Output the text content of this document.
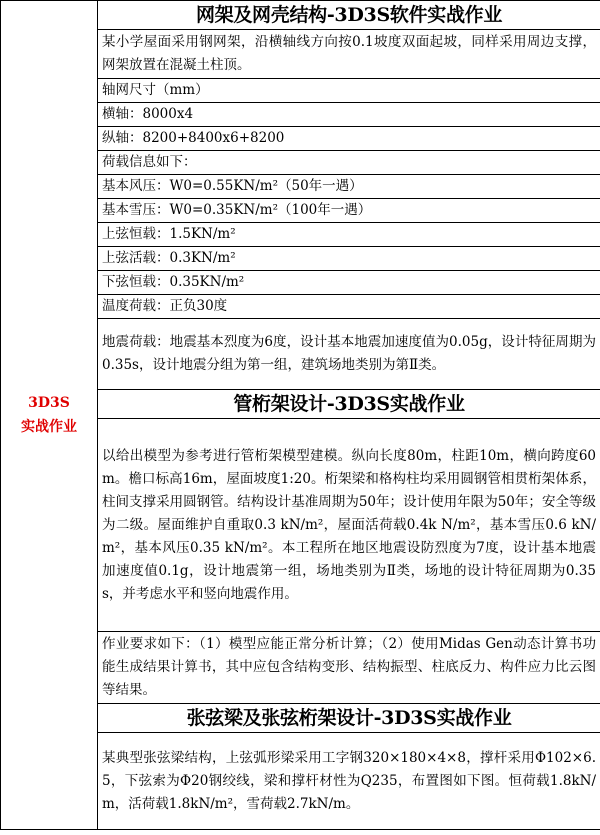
3D3S
实战作业	网架及网壳结构-3D3S软件实战作业
某小学屋面采用钢网架，沿横轴线方向按0.1坡度双面起坡，同样采用周边支撑， 网架放置在混凝土柱顶。
轴网尺寸（mm）
横轴：8000x4
纵轴：8200+8400x6+8200
荷载信息如下：
基本风压：W0=0.55KN/m²（50年一遇）
基本雪压：W0=0.35KN/m²（100年一遇）
上弦恒载：1.5KN/m²
上弦活载：0.3KN/m²
下弦恒载：0.35KN/m²
温度荷载：正负30度
地震荷载：地震基本烈度为6度，设计基本地震加速度值为0.05g，设计特征周期为0.35s，设计地震分组为第一组，建筑场地类别为第Ⅱ类。
管桁架设计-3D3S实战作业
以给出模型为参考进行管桁架模型建模。纵向长度80m，柱距10m，横向跨度60m。檐口标高16m，屋面坡度1:20。桁架梁和格构柱均采用圆钢管相贯桁架体系，柱间支撑采用圆钢管。结构设计基准周期为50年；设计使用年限为50年；安全等级为二级。屋面维护自重取0.3 kN/m²，屋面活荷载0.4k N/m²，基本雪压0.6 kN/m²，基本风压0.35 kN/m²。本工程所在地区地震设防烈度为7度，设计基本地震加速度值0.1g，设计地震第一组，场地类别为Ⅱ类，场地的设计特征周期为0.35s，并考虑水平和竖向地震作用。
作业要求如下：（1）模型应能正常分析计算；（2）使用Midas Gen动态计算书功能生成结果计算书，其中应包含结构变形、结构振型、柱底反力、构件应力比云图等结果。
张弦梁及张弦桁架设计-3D3S实战作业
某典型张弦梁结构，上弦弧形梁采用工字钢320×180×4×8，撑杆采用Φ102×6.5，下弦索为Φ20钢绞线，梁和撑杆材性为Q235，布置图如下图。恒荷载1.8kN/m，活荷载1.8kN/m²，雪荷载2.7kN/m。
